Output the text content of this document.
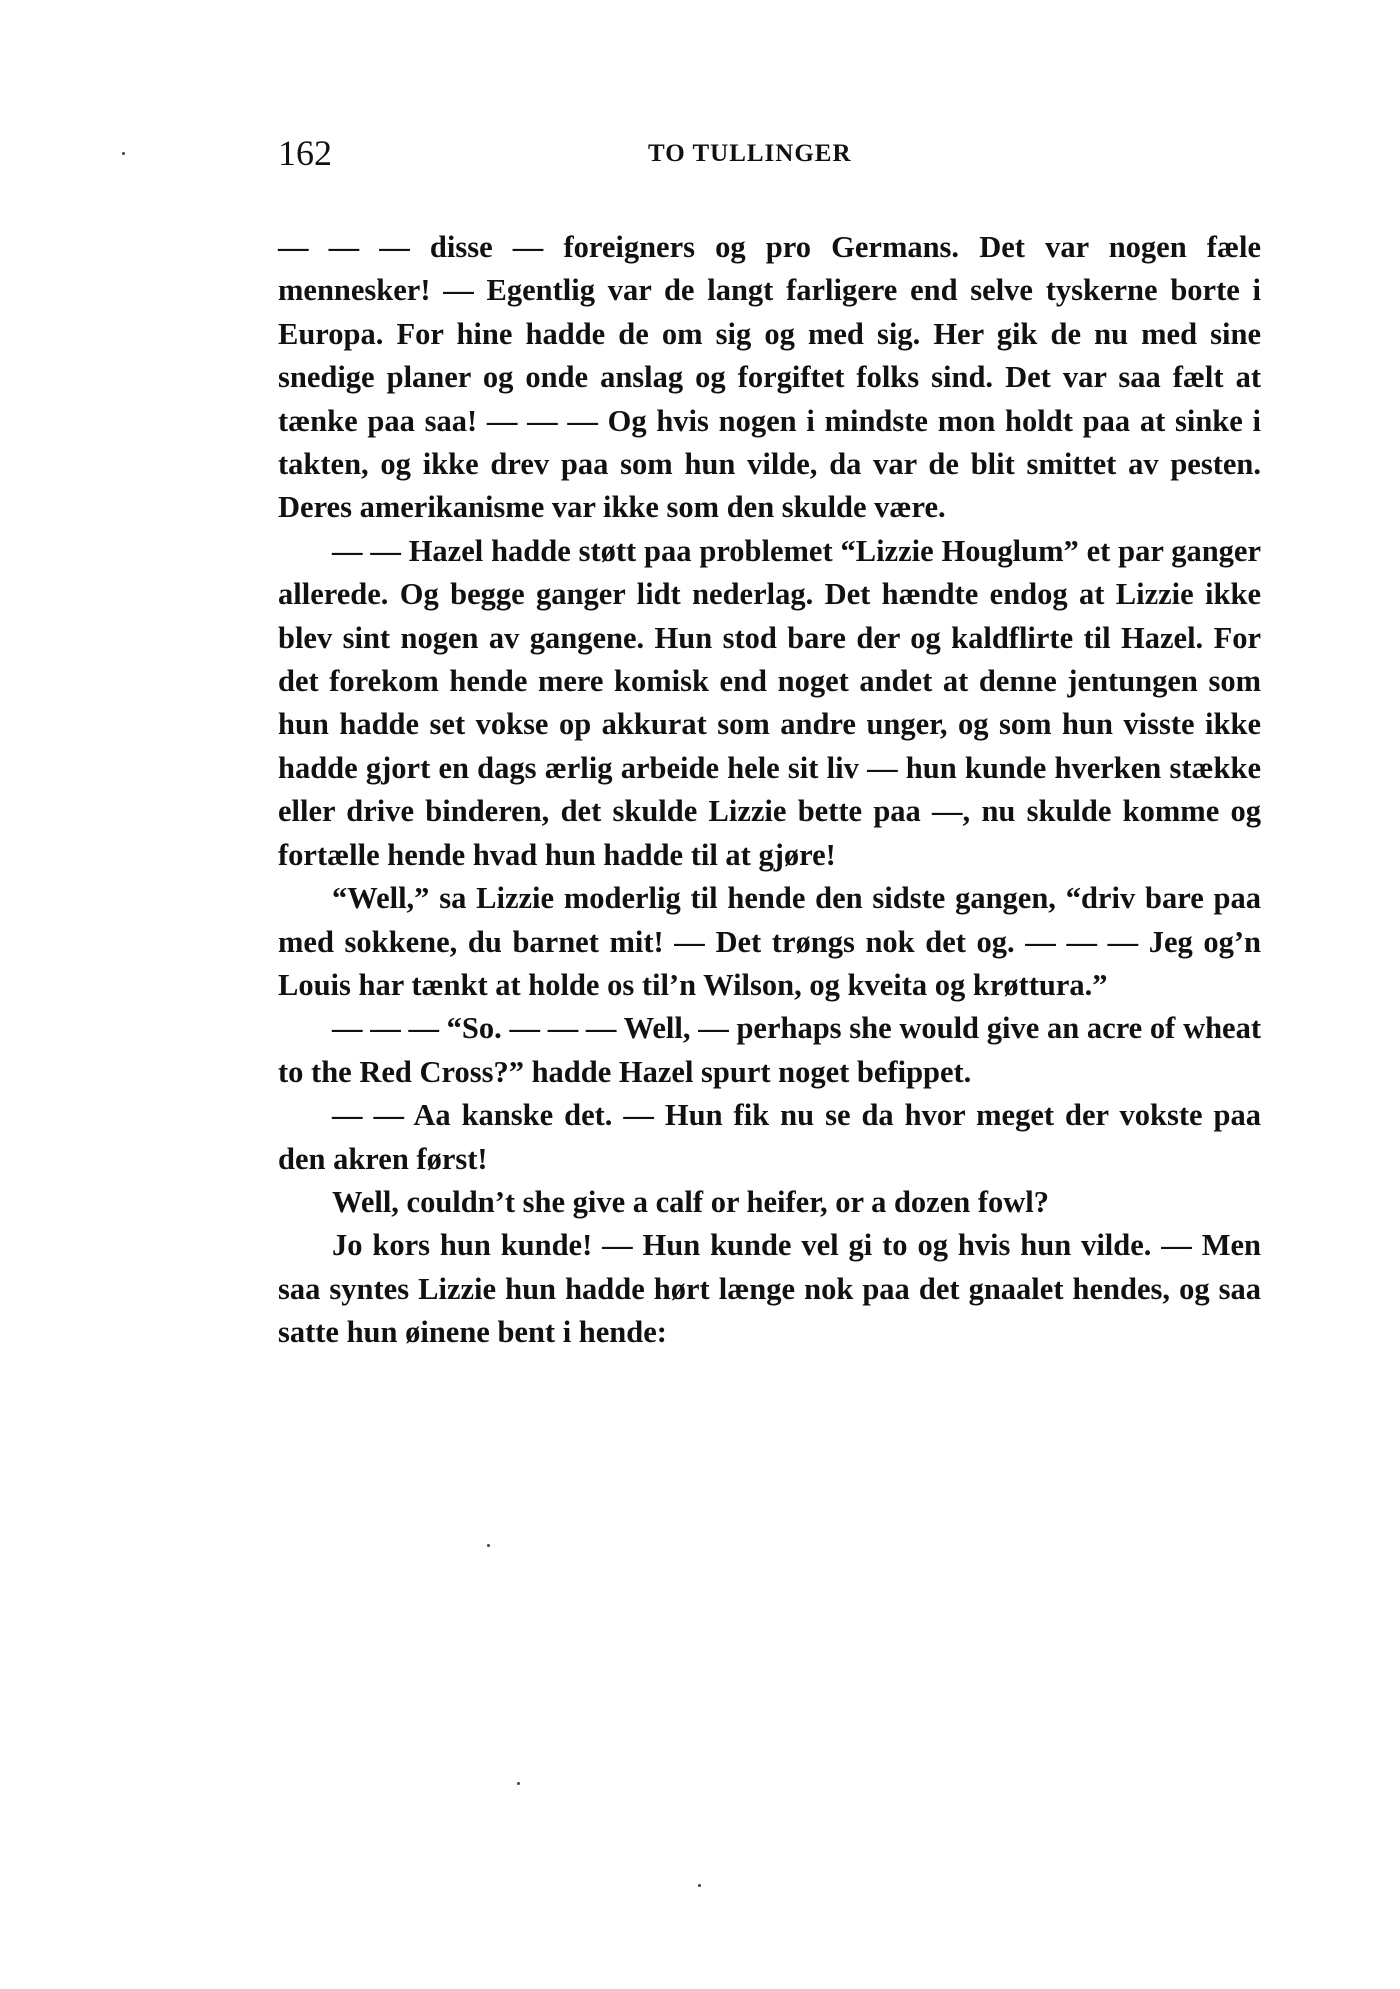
162	TO TULLINGER

— — — disse — foreigners og pro Germans. Det var nogen fæle mennesker! — Egentlig var de langt farligere end selve tyskerne borte i Europa. For hine hadde de om sig og med sig. Her gik de nu med sine snedige planer og onde anslag og forgiftet folks sind. Det var saa fælt at tænke paa saa! — — — Og hvis nogen i mindste mon holdt paa at sinke i takten, og ikke drev paa som hun vilde, da var de blit smittet av pesten. Deres amerikanisme var ikke som den skulde være.

— — Hazel hadde støtt paa problemet “Lizzie Houglum” et par ganger allerede. Og begge ganger lidt nederlag. Det hændte endog at Lizzie ikke blev sint nogen av gangene. Hun stod bare der og kaldflirte til Hazel. For det forekom hende mere komisk end noget andet at denne jentungen som hun hadde set vokse op akkurat som andre unger, og som hun visste ikke hadde gjort en dags ærlig arbeide hele sit liv — hun kunde hverken stække eller drive binderen, det skulde Lizzie bette paa —, nu skulde komme og fortælle hende hvad hun hadde til at gjøre!

“Well,” sa Lizzie moderlig til hende den sidste gangen, “driv bare paa med sokkene, du barnet mit! — Det trøngs nok det og. — — — Jeg og’n Louis har tænkt at holde os til’n Wilson, og kveita og krøttura.”

— — — “So. — — — Well, — perhaps she would give an acre of wheat to the Red Cross?” hadde Hazel spurt noget befippet.

— — Aa kanske det. — Hun fik nu se da hvor meget der vokste paa den akren først!

Well, couldn’t she give a calf or heifer, or a dozen fowl?

Jo kors hun kunde! — Hun kunde vel gi to og hvis hun vilde. — Men saa syntes Lizzie hun hadde hørt længe nok paa det gnaalet hendes, og saa satte hun øinene bent i hende:
